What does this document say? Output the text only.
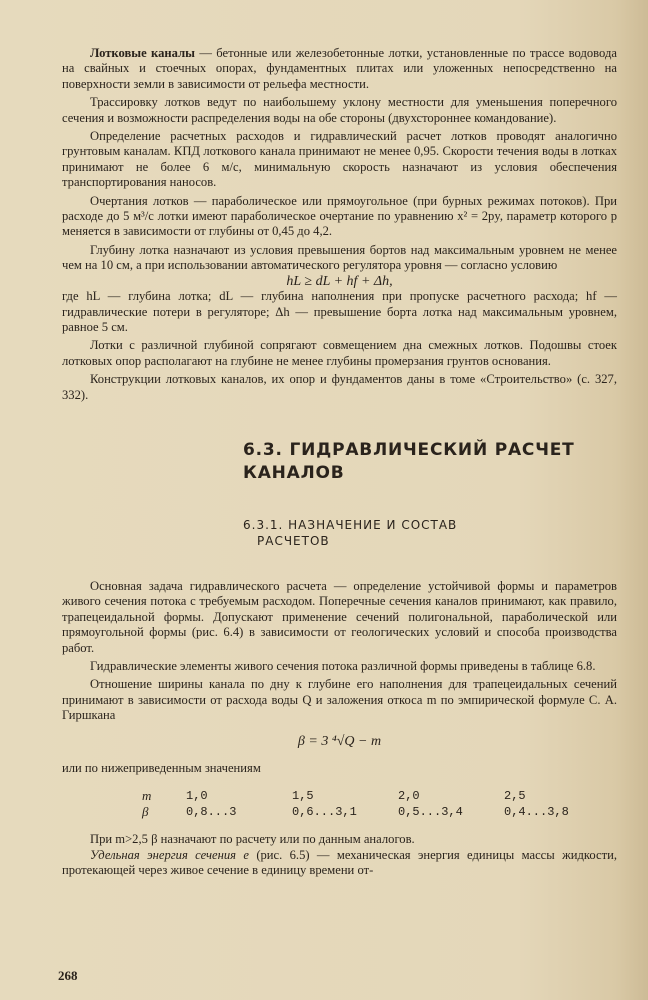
Лотковые каналы — бетонные или железобетонные лотки, установленные по трассе водовода на свайных и стоечных опорах, фундаментных плитах или уложенных непосредственно на поверхности земли в зависимости от рельефа местности.

Трассировку лотков ведут по наибольшему уклону местности для уменьшения поперечного сечения и возможности распределения воды на обе стороны (двухстороннее командование).

Определение расчетных расходов и гидравлический расчет лотков проводят аналогично грунтовым каналам. КПД лоткового канала принимают не менее 0,95. Скорости течения воды в лотках принимают не более 6 м/с, минимальную скорость назначают из условия обеспечения транспортирования наносов.

Очертания лотков — параболическое или прямоугольное (при бурных режимах потоков). При расходе до 5 м³/с лотки имеют параболическое очертание по уравнению x² = 2py, параметр которого p меняется в зависимости от глубины от 0,45 до 4,2.

Глубину лотка назначают из условия превышения бортов над максимальным уровнем не менее чем на 10 см, а при использовании автоматического регулятора уровня — согласно условию

hL ≥ dL + hf + Δh,

где hL — глубина лотка; dL — глубина наполнения при пропуске расчетного расхода; hf — гидравлические потери в регуляторе; Δh — превышение борта лотка над максимальным уровнем, равное 5 см.

Лотки с различной глубиной сопрягают совмещением дна смежных лотков. Подошвы стоек лотковых опор располагают на глубине не менее глубины промерзания грунтов основания.

Конструкции лотковых каналов, их опор и фундаментов даны в томе «Строительство» (с. 327, 332).

6.3. ГИДРАВЛИЧЕСКИЙ РАСЧЕТ
КАНАЛОВ
6.3.1. НАЗНАЧЕНИЕ И СОСТАВ
РАСЧЕТОВ

Основная задача гидравлического расчета — определение устойчивой формы и параметров живого сечения потока с требуемым расходом. Поперечные сечения каналов принимают, как правило, трапецеидальной формы. Допускают применение сечений полигональной, параболической или прямоугольной формы (рис. 6.4) в зависимости от геологических условий и способа производства работ.

Гидравлические элементы живого сечения потока различной формы приведены в таблице 6.8.

Отношение ширины канала по дну к глубине его наполнения для трапецеидальных сечений принимают в зависимости от расхода воды Q и заложения откоса m по эмпирической формуле С. А. Гиршкана

β = 3 ⁴√Q − m

или по нижеприведенным значениям

m	1,0	1,5	2,0	2,5
β	0,8...3	0,6...3,1	0,5...3,4	0,4...3,8

При m>2,5 β назначают по расчету или по данным аналогов.

Удельная энергия сечения e (рис. 6.5) — механическая энергия единицы массы жидкости, протекающей через живое сечение в единицу времени от-

268
